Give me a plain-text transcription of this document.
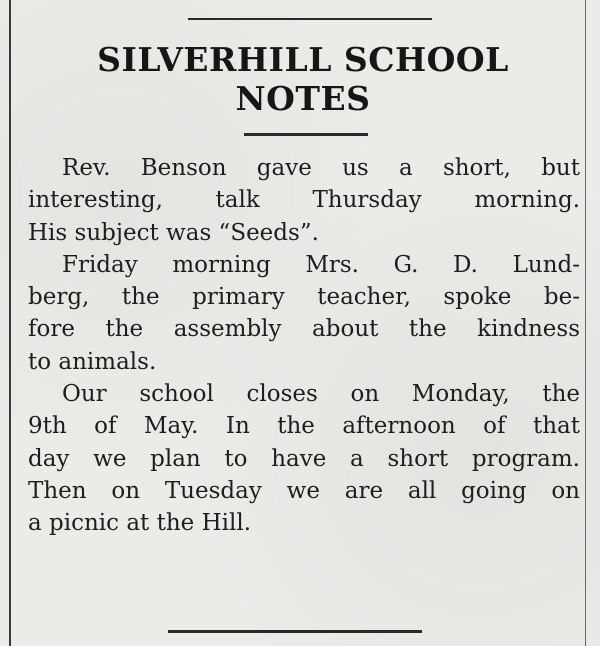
SILVERHILL SCHOOL
NOTES

Rev. Benson gave us a short, but
interesting, talk Thursday morning.
His subject was “Seeds”.

Friday morning Mrs. G. D. Lund-
berg, the primary teacher, spoke be-
fore the assembly about the kindness
to animals.

Our school closes on Monday, the
9th of May. In the afternoon of that
day we plan to have a short program.
Then on Tuesday we are all going on
a picnic at the Hill.
